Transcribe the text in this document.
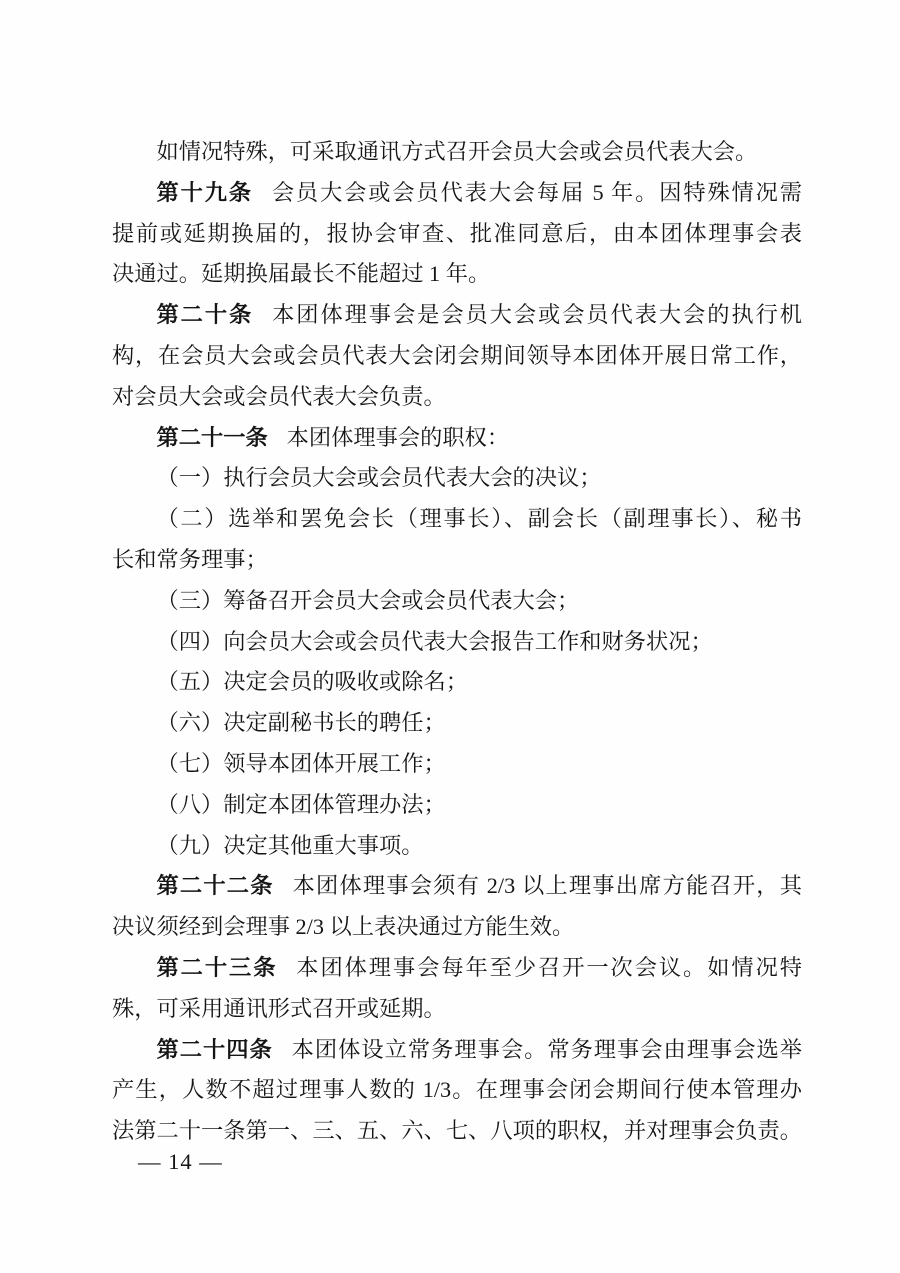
如情况特殊，可采取通讯方式召开会员大会或会员代表大会。

第十九条 会员大会或会员代表大会每届 5 年。因特殊情况需

提前或延期换届的，报协会审查、批准同意后，由本团体理事会表

决通过。延期换届最长不能超过 1 年。

第二十条 本团体理事会是会员大会或会员代表大会的执行机

构，在会员大会或会员代表大会闭会期间领导本团体开展日常工作，

对会员大会或会员代表大会负责。

第二十一条 本团体理事会的职权：

（一）执行会员大会或会员代表大会的决议；

（二）选举和罢免会长（理事长）、副会长（副理事长）、秘书

长和常务理事；

（三）筹备召开会员大会或会员代表大会；

（四）向会员大会或会员代表大会报告工作和财务状况；

（五）决定会员的吸收或除名；

（六）决定副秘书长的聘任；

（七）领导本团体开展工作；

（八）制定本团体管理办法；

（九）决定其他重大事项。

第二十二条 本团体理事会须有 2/3 以上理事出席方能召开，其

决议须经到会理事 2/3 以上表决通过方能生效。

第二十三条 本团体理事会每年至少召开一次会议。如情况特

殊，可采用通讯形式召开或延期。

第二十四条 本团体设立常务理事会。常务理事会由理事会选举

产生，人数不超过理事人数的 1/3。在理事会闭会期间行使本管理办

法第二十一条第一、三、五、六、七、八项的职权，并对理事会负责。

— 14 —
